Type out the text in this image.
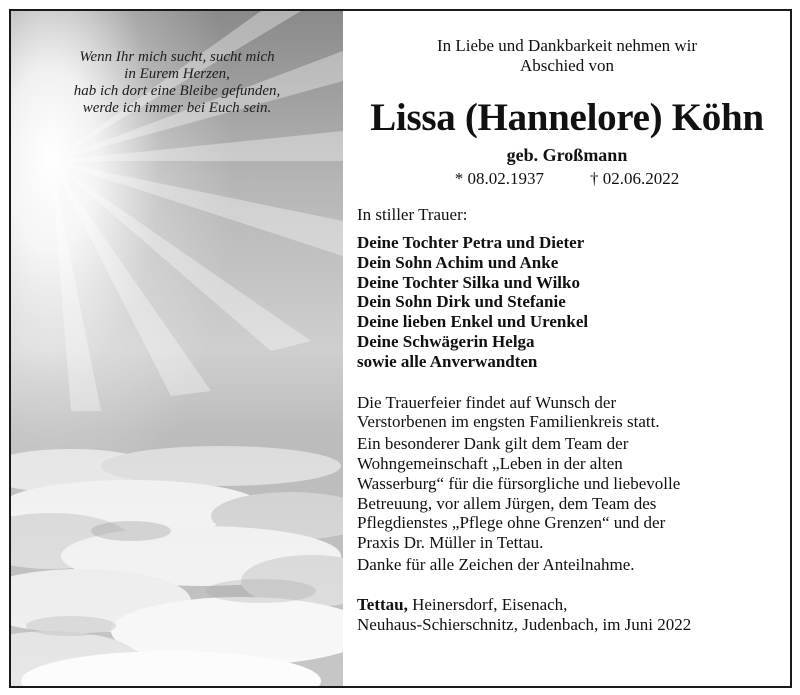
Wenn Ihr mich sucht, sucht mich
in Eurem Herzen,
hab ich dort eine Bleibe gefunden,
werde ich immer bei Euch sein.
In Liebe und Dankbarkeit nehmen wir
Abschied von
Lissa (Hannelore) Köhn
geb. Großmann
* 08.02.1937	† 02.06.2022
In stiller Trauer:
Deine Tochter Petra und Dieter
Dein Sohn Achim und Anke
Deine Tochter Silka und Wilko
Dein Sohn Dirk und Stefanie
Deine lieben Enkel und Urenkel
Deine Schwägerin Helga
sowie alle Anverwandten
Die Trauerfeier findet auf Wunsch der
Verstorbenen im engsten Familienkreis statt.
Ein besonderer Dank gilt dem Team der
Wohngemeinschaft „Leben in der alten
Wasserburg“ für die fürsorgliche und liebevolle
Betreuung, vor allem Jürgen, dem Team des
Pflegdienstes „Pflege ohne Grenzen“ und der
Praxis Dr. Müller in Tettau.
Danke für alle Zeichen der Anteilnahme.
Tettau, Heinersdorf, Eisenach,
Neuhaus-Schierschnitz, Judenbach, im Juni 2022
